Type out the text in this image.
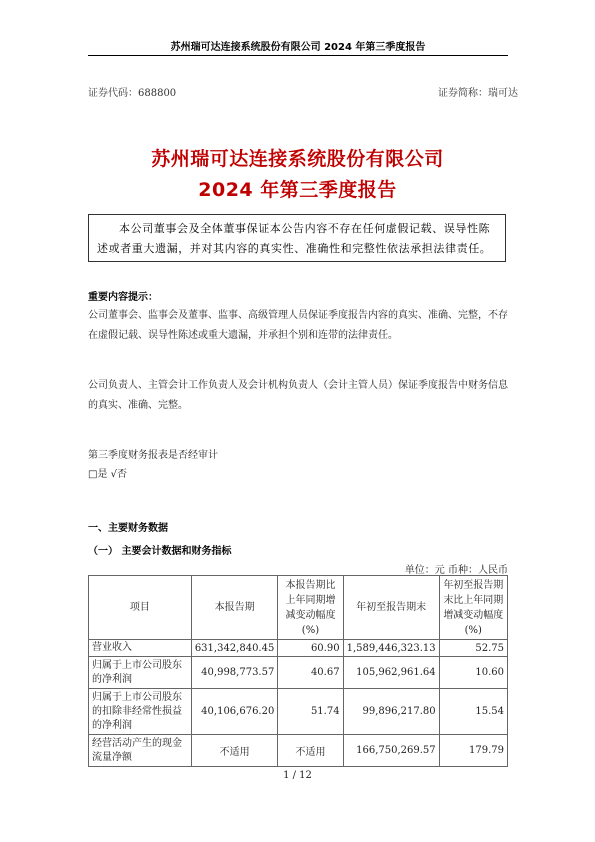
苏州瑞可达连接系统股份有限公司 2024 年第三季度报告
证券代码：688800	证券简称：瑞可达
苏州瑞可达连接系统股份有限公司
2024 年第三季度报告

本公司董事会及全体董事保证本公告内容不存在任何虚假记载、误导性陈述或者重大遗漏，并对其内容的真实性、准确性和完整性依法承担法律责任。

重要内容提示：
公司董事会、监事会及董事、监事、高级管理人员保证季度报告内容的真实、准确、完整，不存在虚假记载、误导性陈述或重大遗漏，并承担个别和连带的法律责任。
公司负责人、主管会计工作负责人及会计机构负责人（会计主管人员）保证季度报告中财务信息的真实、准确、完整。
第三季度财务报表是否经审计
□是 √否
一、主要财务数据
（一） 主要会计数据和财务指标
单位：元 币种：人民币
项目	本报告期	本报告期比上年同期增减变动幅度(%)	年初至报告期末	年初至报告期末比上年同期增减变动幅度(%)
营业收入	631,342,840.45	60.90	1,589,446,323.13	52.75
归属于上市公司股东的净利润	40,998,773.57	40.67	105,962,961.64	10.60
归属于上市公司股东的扣除非经常性损益的净利润	40,106,676.20	51.74	99,896,217.80	15.54
经营活动产生的现金流量净额	不适用	不适用	166,750,269.57	179.79
1 / 12
